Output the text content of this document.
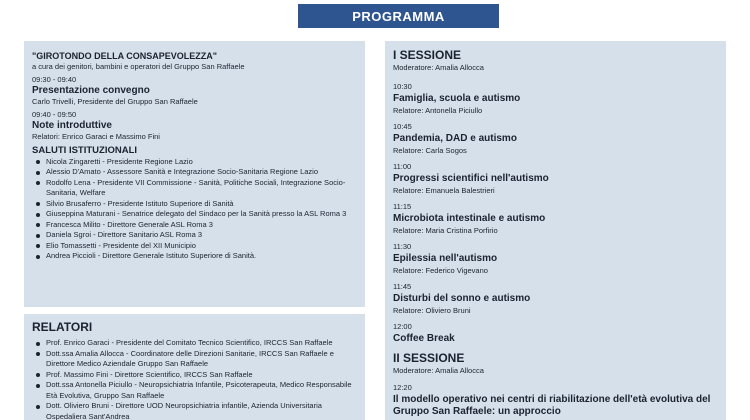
PROGRAMMA
"GIROTONDO DELLA CONSAPEVOLEZZA"
a cura dei genitori, bambini e operatori del Gruppo San Raffaele
09:30 - 09:40
Presentazione convegno
Carlo Trivelli, Presidente del Gruppo San Raffaele
09:40 - 09:50
Note introduttive
Relatori: Enrico Garaci e Massimo Fini
SALUTI ISTITUZIONALI
Nicola Zingaretti - Presidente Regione Lazio
Alessio D'Amato - Assessore Sanità e Integrazione Socio-Sanitaria Regione Lazio
Rodolfo Lena - Presidente VII Commissione - Sanità, Politiche Sociali, Integrazione Socio-Sanitaria, Welfare
Silvio Brusaferro - Presidente Istituto Superiore di Sanità
Giuseppina Maturani - Senatrice delegato del Sindaco per la Sanità presso la ASL Roma 3
Francesca Milito - Direttore Generale ASL Roma 3
Daniela Sgroi - Direttore Sanitario ASL Roma 3
Elio Tomassetti - Presidente del XII Municipio
Andrea Piccioli - Direttore Generale Istituto Superiore di Sanità.
RELATORI
Prof. Enrico Garaci - Presidente del Comitato Tecnico Scientifico, IRCCS San Raffaele
Dott.ssa Amalia Allocca - Coordinatore delle Direzioni Sanitarie, IRCCS San Raffaele e Direttore Medico Aziendale Gruppo San Raffaele
Prof. Massimo Fini - Direttore Scientifico, IRCCS San Raffaele
Dott.ssa Antonella Piciullo - Neuropsichiatria Infantile, Psicoterapeuta, Medico Responsabile Età Evolutiva, Gruppo San Raffaele
Dott. Oliviero Bruni - Direttore UOD Neuropsichiatria infantile, Azienda Universitaria Ospedaliera Sant'Andrea
I SESSIONE
Moderatore: Amalia Allocca
10:30
Famiglia, scuola e autismo
Relatore: Antonella Piciullo
10:45
Pandemia, DAD e autismo
Relatore: Carla Sogos
11:00
Progressi scientifici nell'autismo
Relatore: Emanuela Balestrieri
11:15
Microbiota intestinale e autismo
Relatore: Maria Cristina Porfirio
11:30
Epilessia nell'autismo
Relatore: Federico Vigevano
11:45
Disturbi del sonno e autismo
Relatore: Oliviero Bruni
12:00
Coffee Break
II SESSIONE
Moderatore: Amalia Allocca
12:20
Il modello operativo nei centri di riabilitazione dell'età evolutiva del Gruppo San Raffaele: un approccio
